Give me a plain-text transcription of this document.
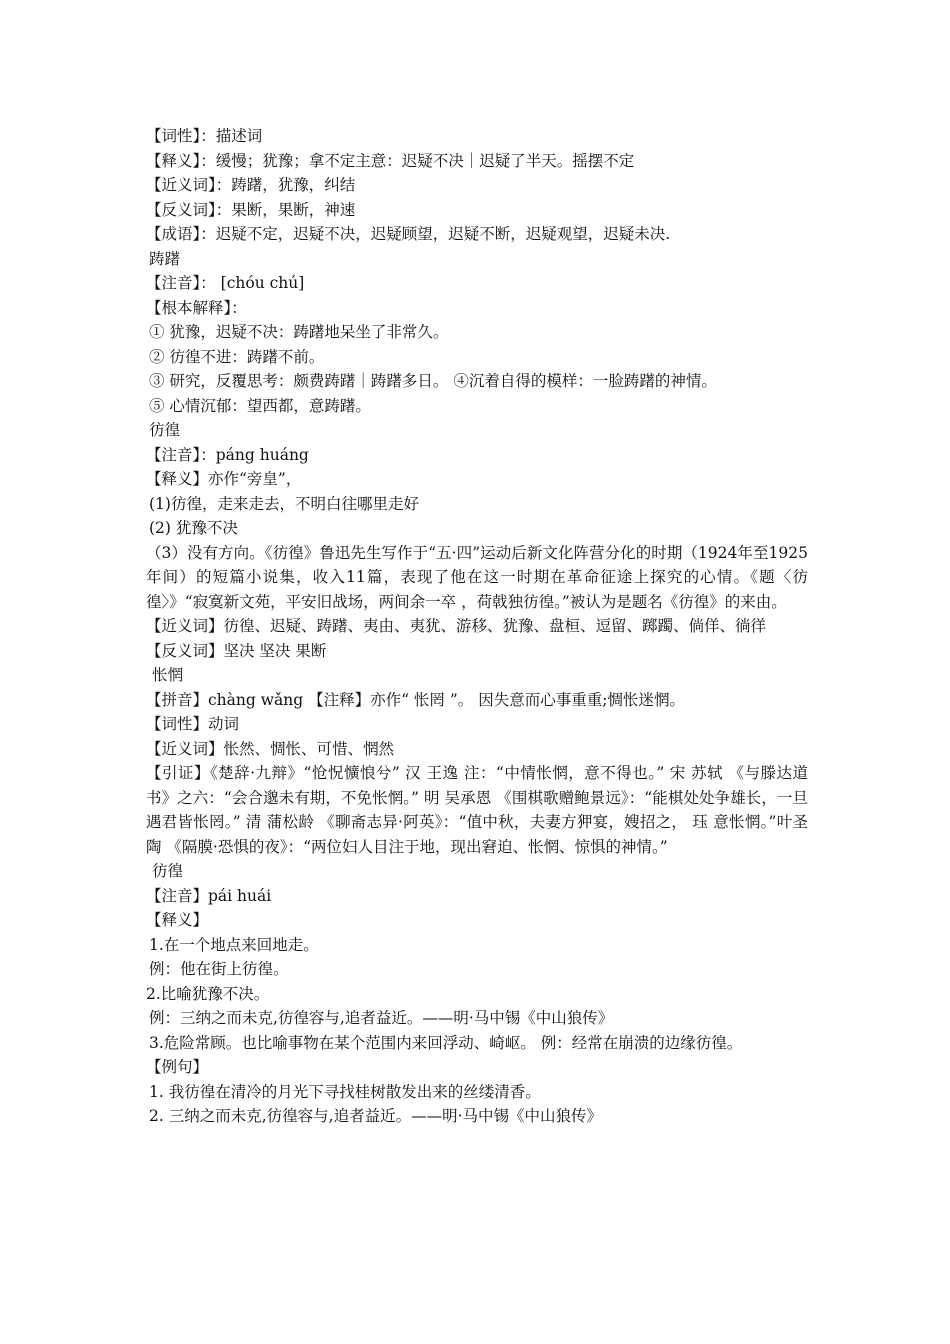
【词性】：描述词
【释义】：缓慢；犹豫；拿不定主意：迟疑不决｜迟疑了半天。摇摆不定
【近义词】：踌躇，犹豫，纠结
【反义词】：果断，果断，神速
【成语】：迟疑不定，迟疑不决，迟疑顾望，迟疑不断，迟疑观望，迟疑未决.
踌躇
【注音】： [chóu chú]
【根本解释】：
① 犹豫，迟疑不决：踌躇地呆坐了非常久。
② 彷徨不进：踌躇不前。
③ 研究，反覆思考：颇费踌躇｜踌躇多日。 ④沉着自得的模样：一脸踌躇的神情。
⑤ 心情沉郁：望西都，意踌躇。
彷徨
【注音】：páng huáng
【释义】亦作“旁皇”，
(1)彷徨，走来走去，不明白往哪里走好
(2) 犹豫不决
（3）没有方向。《彷徨》鲁迅先生写作于“五·四”运动后新文化阵营分化的时期（1924年至1925年间）的短篇小说集，收入11篇，表现了他在这一时期在革命征途上探究的心情。《题〈彷徨〉》“寂寞新文苑，平安旧战场，两间余一卒 ，荷戟独彷徨。”被认为是题名《彷徨》的来由。
【近义词】彷徨、迟疑、踌躇、夷由、夷犹、游移、犹豫、盘桓、逗留、踯躅、倘佯、徜徉
【反义词】坚决 坚决 果断
怅惘
【拼音】chàng wǎng 【注释】亦作“ 怅罔 ”。 因失意而心事重重;惆怅迷惘。
【词性】动词
【近义词】怅然、惆怅、可惜、惘然
【引证】《楚辞·九辩》“怆怳懭悢兮” 汉 王逸 注：“中情怅惘，意不得也。” 宋 苏轼 《与滕达道书》之六：“会合邈未有期，不免怅惘。” 明 吴承恩 《围棋歌赠鲍景远》：“能棋处处争雄长，一旦遇君皆怅罔。” 清 蒲松龄 《聊斋志异·阿英》：“值中秋，夫妻方狎宴，嫂招之， 珏 意怅惘。”叶圣陶 《隔膜·恐惧的夜》：“两位妇人目注于地，现出窘迫、怅惘、惊惧的神情。”
彷徨
【注音】pái huái
【释义】
1.在一个地点来回地走。
例：他在街上彷徨。
2.比喻犹豫不决。
例：三纳之而未克,彷徨容与,追者益近。——明·马中锡《中山狼传》
3.危险常顾。也比喻事物在某个范围内来回浮动、崎岖。 例：经常在崩溃的边缘彷徨。
【例句】
1. 我彷徨在清冷的月光下寻找桂树散发出来的丝缕清香。
2. 三纳之而未克,彷徨容与,追者益近。——明·马中锡《中山狼传》
